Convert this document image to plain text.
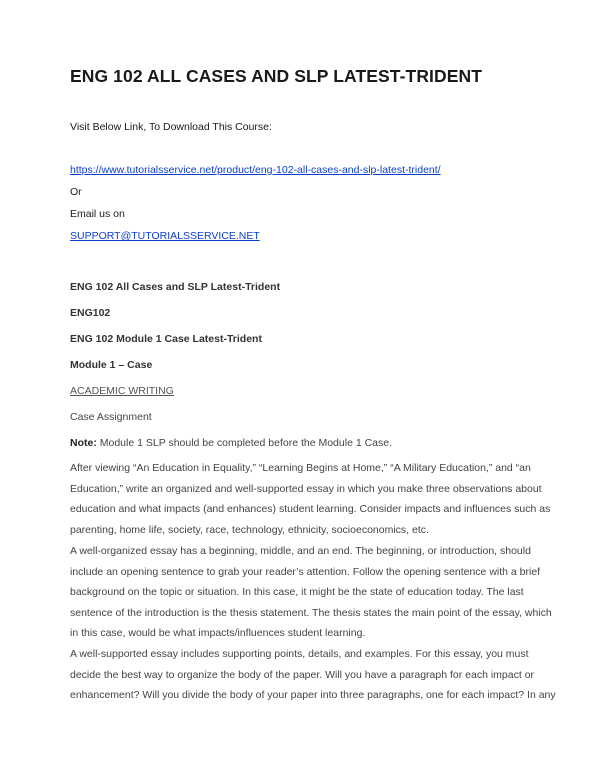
ENG 102 ALL CASES AND SLP LATEST-TRIDENT
Visit Below Link, To Download This Course:
https://www.tutorialsservice.net/product/eng-102-all-cases-and-slp-latest-trident/
Or
Email us on
SUPPORT@TUTORIALSSERVICE.NET
ENG 102 All Cases and SLP Latest-Trident
ENG102
ENG 102 Module 1 Case Latest-Trident
Module 1 – Case
ACADEMIC WRITING
Case Assignment
Note: Module 1 SLP should be completed before the Module 1 Case.
After viewing “An Education in Equality,” “Learning Begins at Home,” “A Military Education,” and “an
Education,” write an organized and well-supported essay in which you make three observations about
education and what impacts (and enhances) student learning. Consider impacts and influences such as
parenting, home life, society, race, technology, ethnicity, socioeconomics, etc.
A well-organized essay has a beginning, middle, and an end. The beginning, or introduction, should
include an opening sentence to grab your reader’s attention. Follow the opening sentence with a brief
background on the topic or situation. In this case, it might be the state of education today. The last
sentence of the introduction is the thesis statement. The thesis states the main point of the essay, which
in this case, would be what impacts/influences student learning.
A well-supported essay includes supporting points, details, and examples. For this essay, you must
decide the best way to organize the body of the paper. Will you have a paragraph for each impact or
enhancement? Will you divide the body of your paper into three paragraphs, one for each impact? In any
